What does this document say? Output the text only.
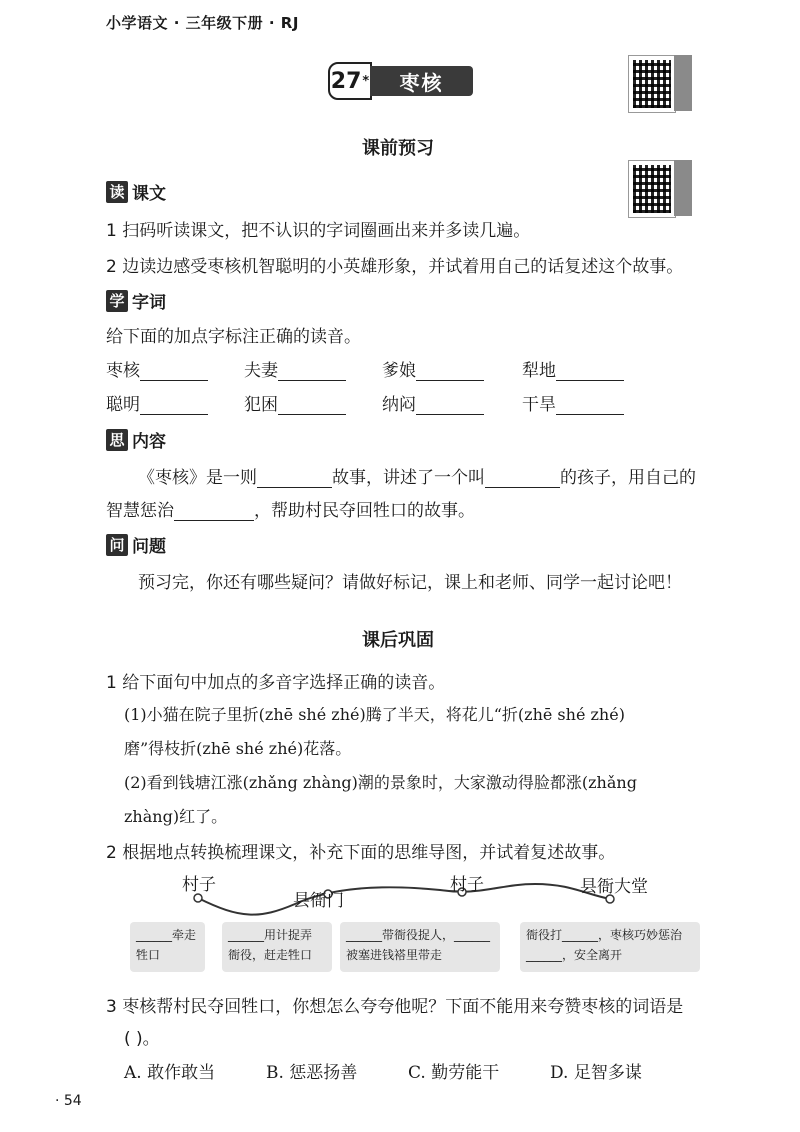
小学语文 · 三年级下册 · RJ
27 *	枣核
课前预习
读 课文
1 扫码听读课文，把不认识的字词圈画出来并多读几遍。
2 边读边感受枣核机智聪明的小英雄形象，并试着用自己的话复述这个故事。
学 字词
给下面的加点字标注正确的读音。
枣核	夫妻	爹娘	犁地
聪明	犯困	纳闷	干旱
思 内容
《枣核》是一则	故事，讲述了一个叫	的孩子，用自己的
智慧惩治	，帮助村民夺回牲口的故事。
问 问题
预习完，你还有哪些疑问？请做好标记，课上和老师、同学一起讨论吧！
课后巩固
1 给下面句中加点的多音字选择正确的读音。
(1)小猫在院子里折(zhē shé zhé)腾了半天，将花儿“折(zhē shé zhé)
磨”得枝折(zhē shé zhé)花落。
(2)看到钱塘江涨(zhǎng zhàng)潮的景象时，大家激动得脸都涨(zhǎng
zhàng)红了。
2 根据地点转换梳理课文，补充下面的思维导图，并试着复述故事。
村子
县衙门
村子	县衙大堂
______牵走
牲口
______用计捉弄
衙役，赶走牲口
______带衙役捉人，______
被塞进钱褡里带走
衙役打______，枣核巧妙惩治
______，安全离开
3 枣核帮村民夺回牲口，你想怎么夸夸他呢？下面不能用来夸赞枣核的词语是
( )。
A. 敢作敢当	B. 惩恶扬善	C. 勤劳能干	D. 足智多谋
· 54
